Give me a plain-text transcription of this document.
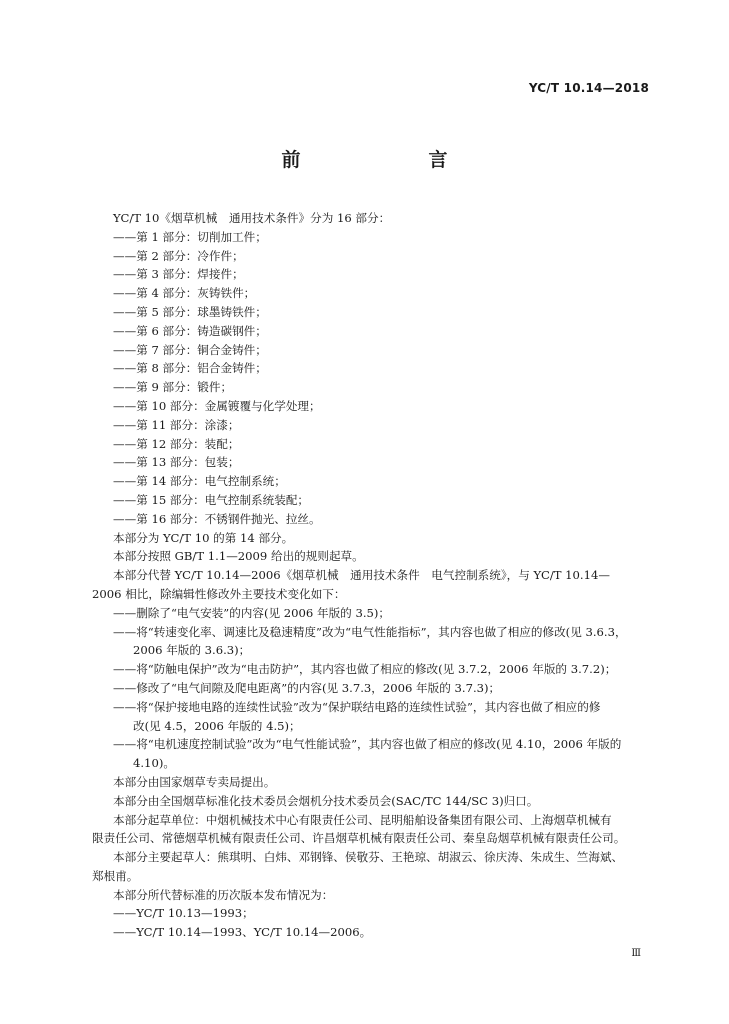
YC/T 10.14—2018
前　　言

YC/T 10《烟草机械　通用技术条件》分为 16 部分：

——第 1 部分：切削加工件；

——第 2 部分：冷作件；

——第 3 部分：焊接件；

——第 4 部分：灰铸铁件；

——第 5 部分：球墨铸铁件；

——第 6 部分：铸造碳钢件；

——第 7 部分：铜合金铸件；

——第 8 部分：铝合金铸件；

——第 9 部分：锻件；

——第 10 部分：金属镀覆与化学处理；

——第 11 部分：涂漆；

——第 12 部分：装配；

——第 13 部分：包装；

——第 14 部分：电气控制系统；

——第 15 部分：电气控制系统装配；

——第 16 部分：不锈钢件抛光、拉丝。

本部分为 YC/T 10 的第 14 部分。

本部分按照 GB/T 1.1—2009 给出的规则起草。

本部分代替 YC/T 10.14—2006《烟草机械　通用技术条件　电气控制系统》，与 YC/T 10.14—

2006 相比，除编辑性修改外主要技术变化如下：

——删除了“电气安装”的内容(见 2006 年版的 3.5)；

——将“转速变化率、调速比及稳速精度”改为“电气性能指标”，其内容也做了相应的修改(见 3.6.3，

2006 年版的 3.6.3)；

——将“防触电保护”改为“电击防护”，其内容也做了相应的修改(见 3.7.2，2006 年版的 3.7.2)；

——修改了“电气间隙及爬电距离”的内容(见 3.7.3，2006 年版的 3.7.3)；

——将“保护接地电路的连续性试验”改为“保护联结电路的连续性试验”，其内容也做了相应的修

改(见 4.5，2006 年版的 4.5)；

——将“电机速度控制试验”改为“电气性能试验”，其内容也做了相应的修改(见 4.10，2006 年版的

4.10)。

本部分由国家烟草专卖局提出。

本部分由全国烟草标准化技术委员会烟机分技术委员会(SAC/TC 144/SC 3)归口。

本部分起草单位：中烟机械技术中心有限责任公司、昆明船舶设备集团有限公司、上海烟草机械有

限责任公司、常德烟草机械有限责任公司、许昌烟草机械有限责任公司、秦皇岛烟草机械有限责任公司。

本部分主要起草人：熊琪明、白炜、邓钢锋、侯敬芬、王艳琼、胡淑云、徐庆涛、朱成生、竺海斌、

郑根甫。

本部分所代替标准的历次版本发布情况为：

——YC/T 10.13—1993；

——YC/T 10.14—1993、YC/T 10.14—2006。

Ⅲ
